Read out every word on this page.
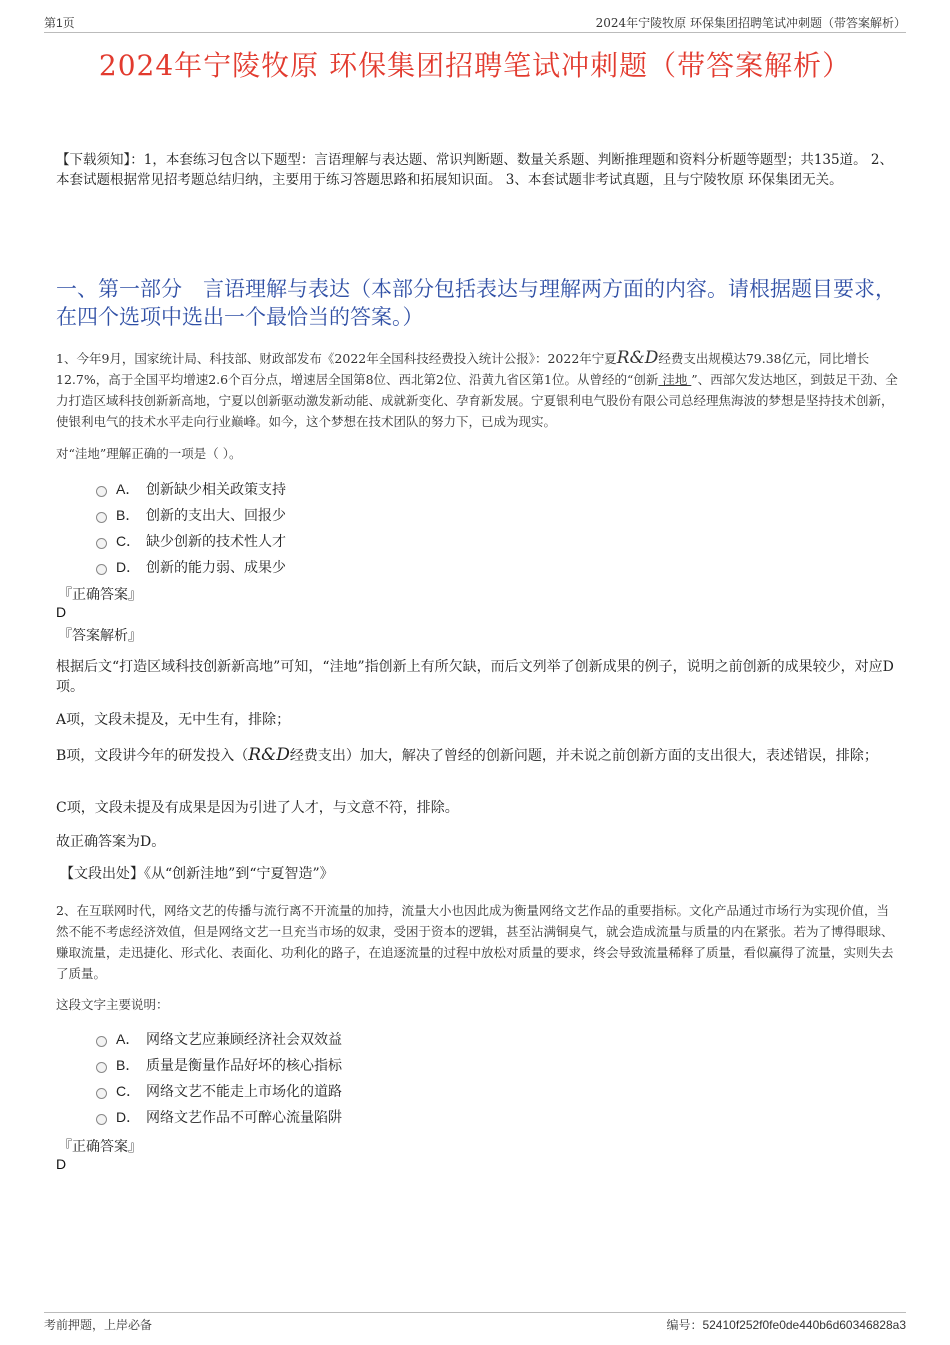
第1页	2024年宁陵牧原 环保集团招聘笔试冲刺题（带答案解析）
2024年宁陵牧原 环保集团招聘笔试冲刺题（带答案解析）
【下载须知】：1，本套练习包含以下题型：言语理解与表达题、常识判断题、数量关系题、判断推理题和资料分析题等题型；共135道。 2、本套试题根据常见招考题总结归纳，主要用于练习答题思路和拓展知识面。 3、本套试题非考试真题，且与宁陵牧原 环保集团无关。
一、第一部分　言语理解与表达（本部分包括表达与理解两方面的内容。请根据题目要求，在四个选项中选出一个最恰当的答案。）
1、今年9月，国家统计局、科技部、财政部发布《2022年全国科技经费投入统计公报》：2022年宁夏R&D经费支出规模达79.38亿元，同比增长12.7%，高于全国平均增速2.6个百分点，增速居全国第8位、西北第2位、沿黄九省区第1位。从曾经的“创新 洼地 ”、西部欠发达地区，到鼓足干劲、全力打造区域科技创新新高地，宁夏以创新驱动激发新动能、成就新变化、孕育新发展。宁夏银利电气股份有限公司总经理焦海波的梦想是坚持技术创新，使银利电气的技术水平走向行业巅峰。如今，这个梦想在技术团队的努力下，已成为现实。
对“洼地”理解正确的一项是（ ）。
A． 创新缺少相关政策支持
B． 创新的支出大、回报少
C． 缺少创新的技术性人才
D． 创新的能力弱、成果少
『正确答案』
D
『答案解析』
根据后文“打造区域科技创新新高地”可知，“洼地”指创新上有所欠缺，而后文列举了创新成果的例子，说明之前创新的成果较少，对应D项。
A项，文段未提及，无中生有，排除；
B项，文段讲今年的研发投入（R&D经费支出）加大，解决了曾经的创新问题，并未说之前创新方面的支出很大，表述错误，排除；
C项，文段未提及有成果是因为引进了人才，与文意不符，排除。
故正确答案为D。
【文段出处】《从“创新洼地”到“宁夏智造”》
2、在互联网时代，网络文艺的传播与流行离不开流量的加持，流量大小也因此成为衡量网络文艺作品的重要指标。文化产品通过市场行为实现价值，当然不能不考虑经济效值，但是网络文艺一旦充当市场的奴隶，受困于资本的逻辑，甚至沾满铜臭气，就会造成流量与质量的内在紧张。若为了博得眼球、赚取流量，走迅捷化、形式化、表面化、功利化的路子，在追逐流量的过程中放松对质量的要求，终会导致流量稀释了质量，看似赢得了流量，实则失去了质量。
这段文字主要说明：
A． 网络文艺应兼顾经济社会双效益
B． 质量是衡量作品好坏的核心指标
C． 网络文艺不能走上市场化的道路
D． 网络文艺作品不可醉心流量陷阱
『正确答案』
D
考前押题，上岸必备	编号：52410f252f0fe0de440b6d60346828a3
